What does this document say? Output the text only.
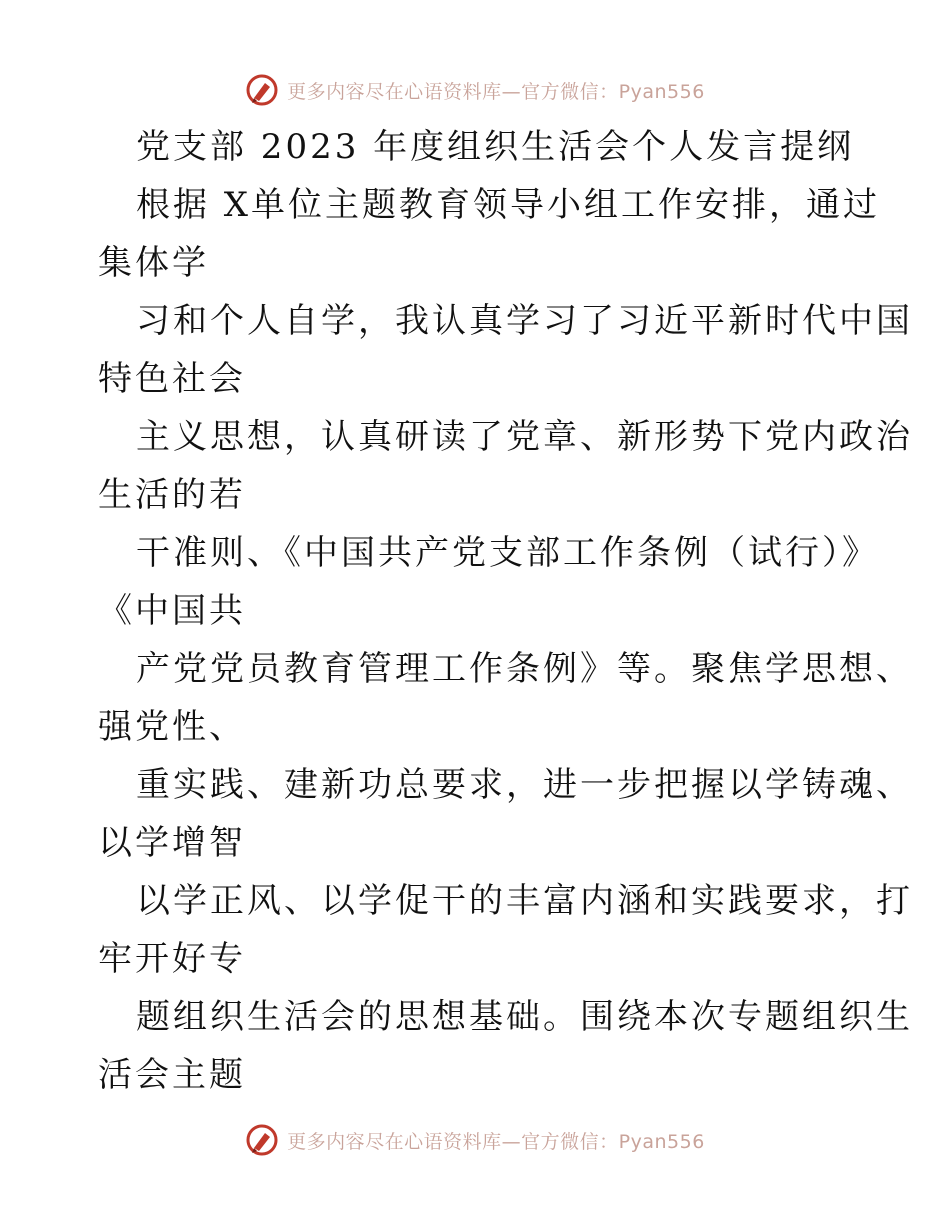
更多内容尽在心语资料库—官方微信：Pyan556
党支部 2023 年度组织生活会个人发言提纲
根据 X单位主题教育领导小组工作安排，通过
集体学
习和个人自学，我认真学习了习近平新时代中国
特色社会
主义思想，认真研读了党章、新形势下党内政治
生活的若
干准则、《中国共产党支部工作条例（试行）》
《中国共
产党党员教育管理工作条例》等。聚焦学思想、
强党性、
重实践、建新功总要求，进一步把握以学铸魂、
以学增智
以学正风、以学促干的丰富内涵和实践要求，打
牢开好专
题组织生活会的思想基础。围绕本次专题组织生
活会主题
更多内容尽在心语资料库—官方微信：Pyan556
